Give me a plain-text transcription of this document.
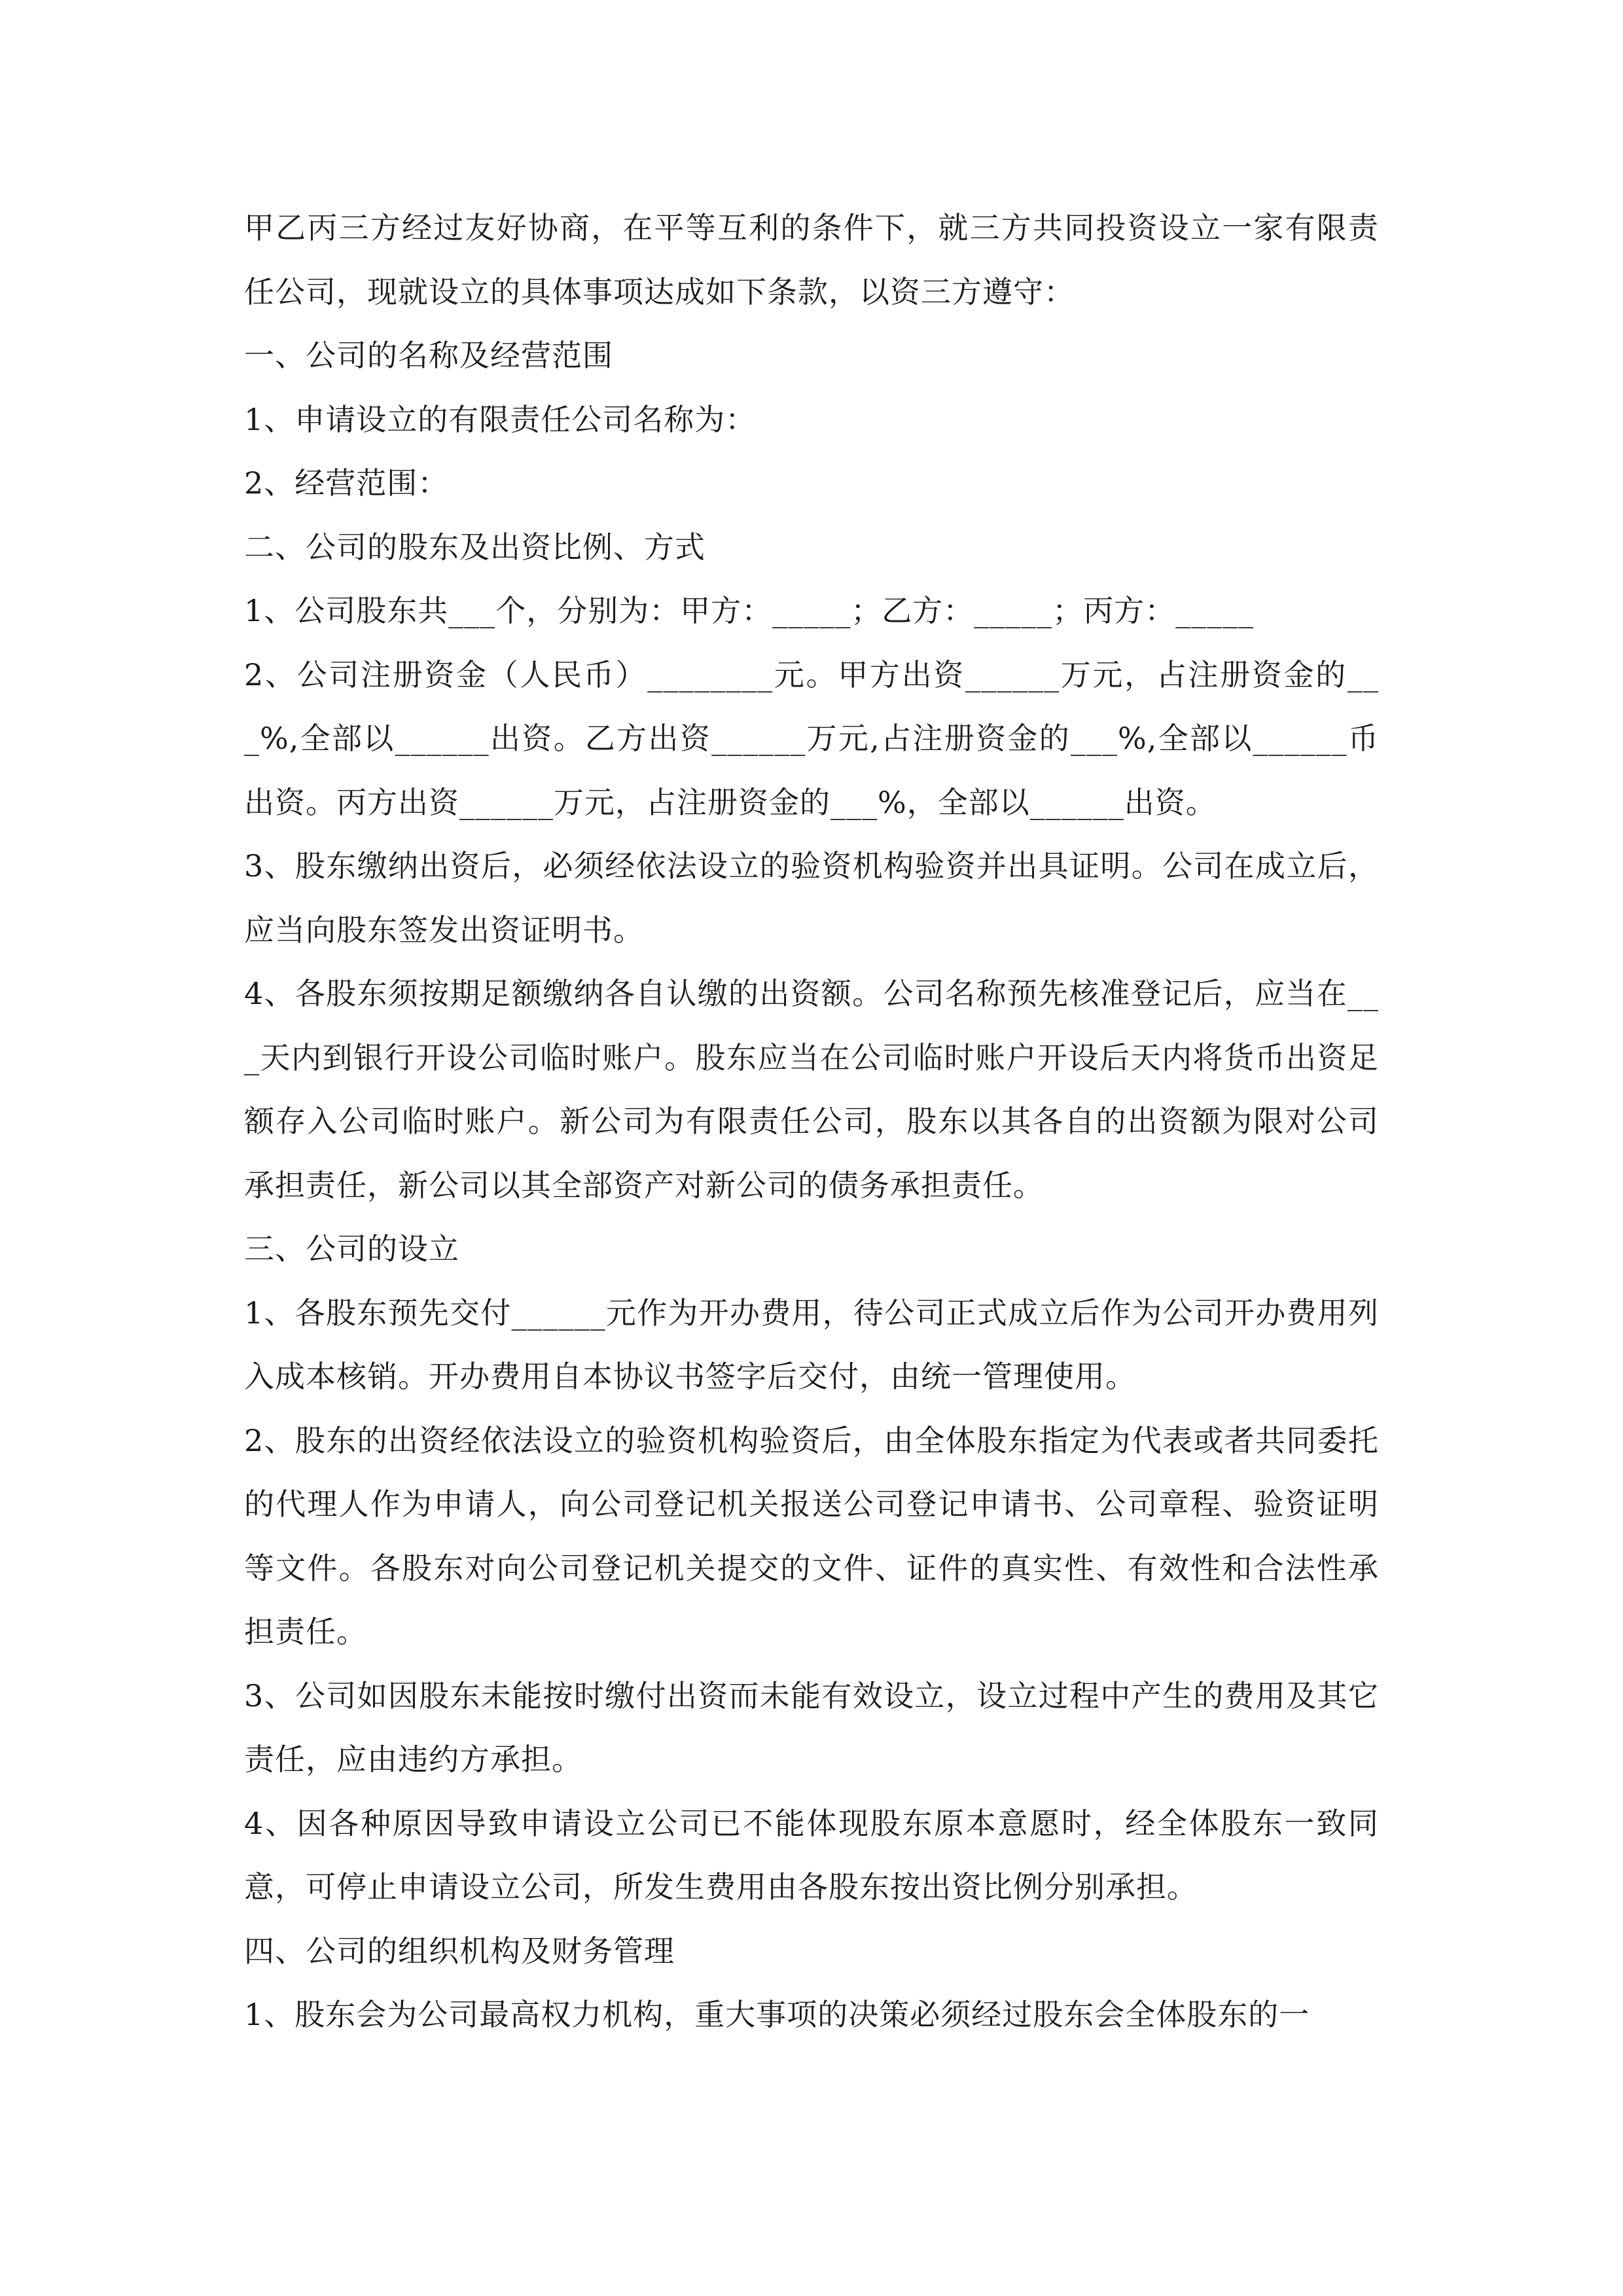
甲乙丙三方经过友好协商，在平等互利的条件下，就三方共同投资设立一家有限责任公司，现就设立的具体事项达成如下条款，以资三方遵守：

一、公司的名称及经营范围

1、申请设立的有限责任公司名称为：

2、经营范围：

二、公司的股东及出资比例、方式

1、公司股东共___个，分别为：甲方：_____；乙方：_____；丙方：_____

2、公司注册资金（人民币）________元。甲方出资______万元，占注册资金的___%,全部以______出资。乙方出资______万元,占注册资金的___%,全部以______币出资。丙方出资______万元，占注册资金的___%，全部以______出资。

3、股东缴纳出资后，必须经依法设立的验资机构验资并出具证明。公司在成立后，应当向股东签发出资证明书。

4、各股东须按期足额缴纳各自认缴的出资额。公司名称预先核准登记后，应当在___天内到银行开设公司临时账户。股东应当在公司临时账户开设后天内将货币出资足额存入公司临时账户。新公司为有限责任公司，股东以其各自的出资额为限对公司承担责任，新公司以其全部资产对新公司的债务承担责任。

三、公司的设立

1、各股东预先交付______元作为开办费用，待公司正式成立后作为公司开办费用列入成本核销。开办费用自本协议书签字后交付，由统一管理使用。

2、股东的出资经依法设立的验资机构验资后，由全体股东指定为代表或者共同委托的代理人作为申请人，向公司登记机关报送公司登记申请书、公司章程、验资证明等文件。各股东对向公司登记机关提交的文件、证件的真实性、有效性和合法性承担责任。

3、公司如因股东未能按时缴付出资而未能有效设立，设立过程中产生的费用及其它责任，应由违约方承担。

4、因各种原因导致申请设立公司已不能体现股东原本意愿时，经全体股东一致同意，可停止申请设立公司，所发生费用由各股东按出资比例分别承担。

四、公司的组织机构及财务管理

1、股东会为公司最高权力机构，重大事项的决策必须经过股东会全体股东的一
